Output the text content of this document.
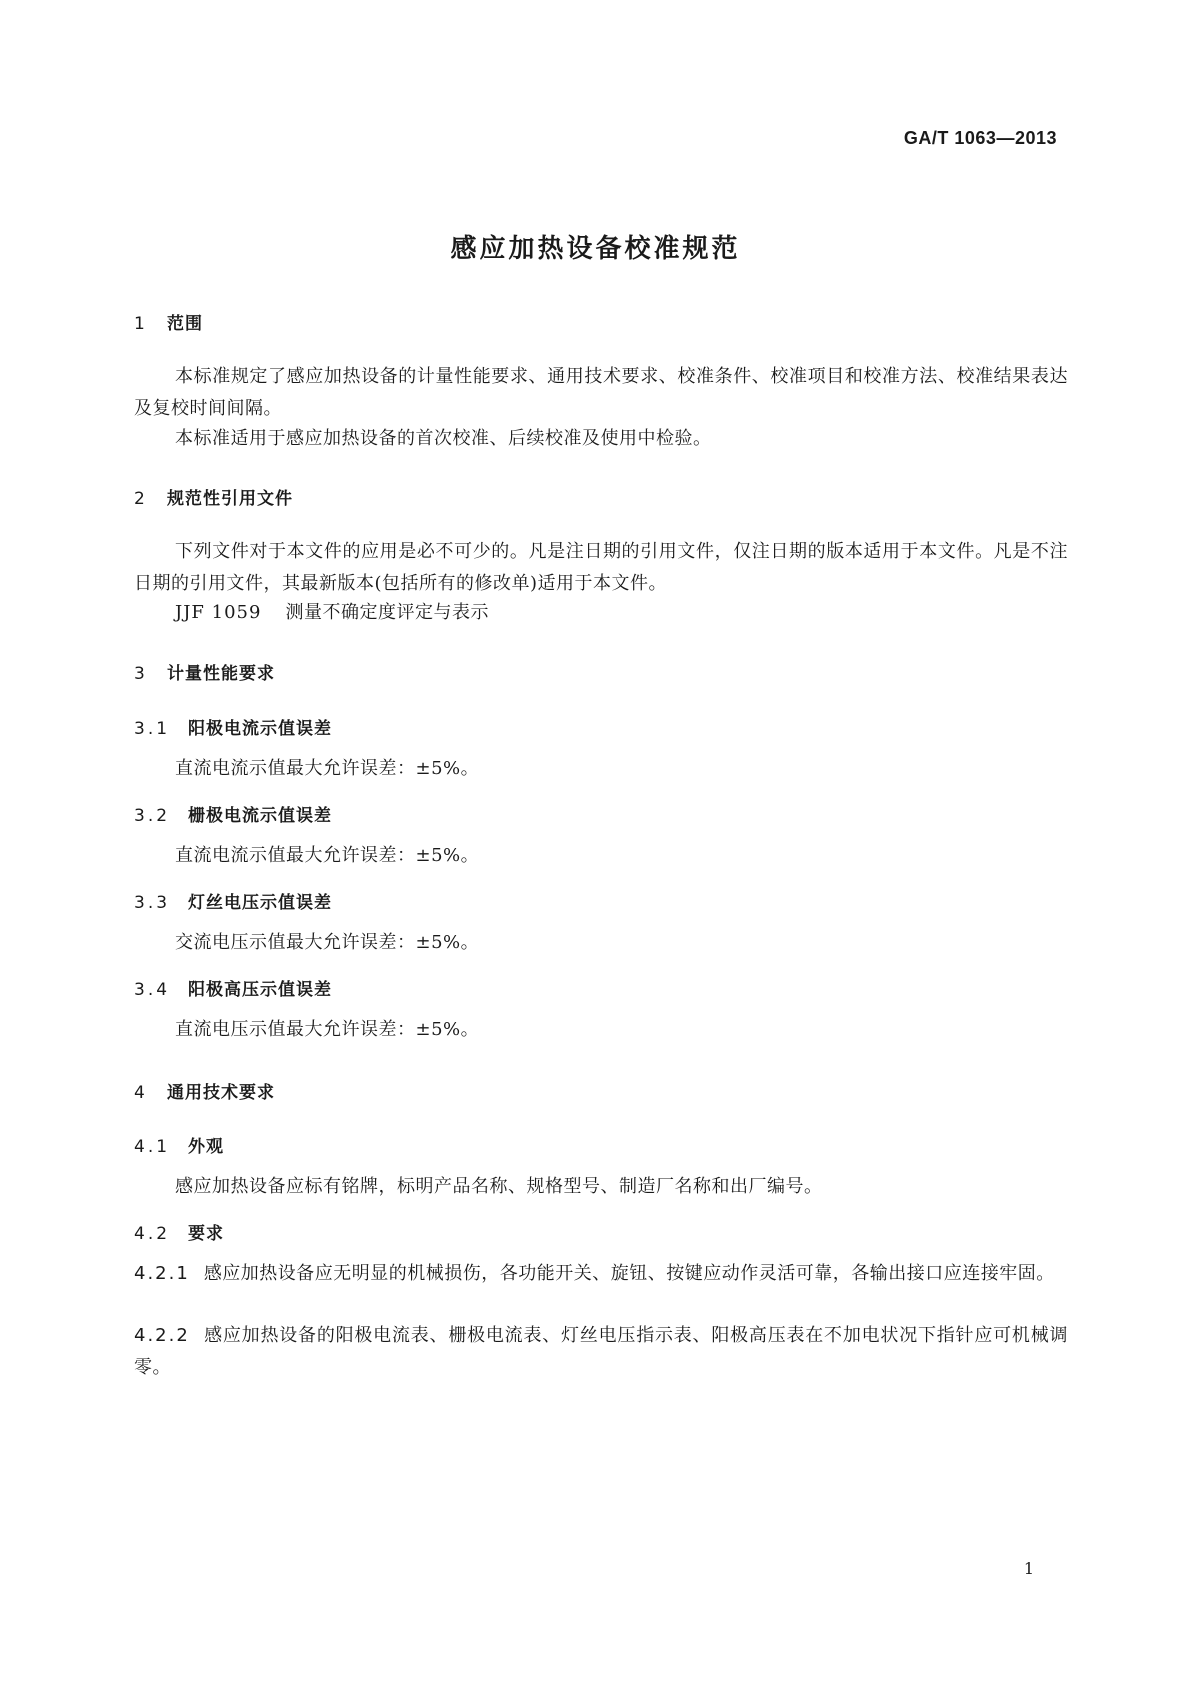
GA/T 1063—2013
感应加热设备校准规范
1 范围
本标准规定了感应加热设备的计量性能要求、通用技术要求、校准条件、校准项目和校准方法、校准结果表达及复校时间间隔。
本标准适用于感应加热设备的首次校准、后续校准及使用中检验。
2 规范性引用文件
下列文件对于本文件的应用是必不可少的。凡是注日期的引用文件，仅注日期的版本适用于本文件。凡是不注日期的引用文件，其最新版本(包括所有的修改单)适用于本文件。
JJF 1059 测量不确定度评定与表示
3 计量性能要求
3.1 阳极电流示值误差
直流电流示值最大允许误差：±5%。
3.2 栅极电流示值误差
直流电流示值最大允许误差：±5%。
3.3 灯丝电压示值误差
交流电压示值最大允许误差：±5%。
3.4 阳极高压示值误差
直流电压示值最大允许误差：±5%。
4 通用技术要求
4.1 外观
感应加热设备应标有铭牌，标明产品名称、规格型号、制造厂名称和出厂编号。
4.2 要求
4.2.1 感应加热设备应无明显的机械损伤，各功能开关、旋钮、按键应动作灵活可靠，各输出接口应连接牢固。
4.2.2 感应加热设备的阳极电流表、栅极电流表、灯丝电压指示表、阳极高压表在不加电状况下指针应可机械调零。
1
